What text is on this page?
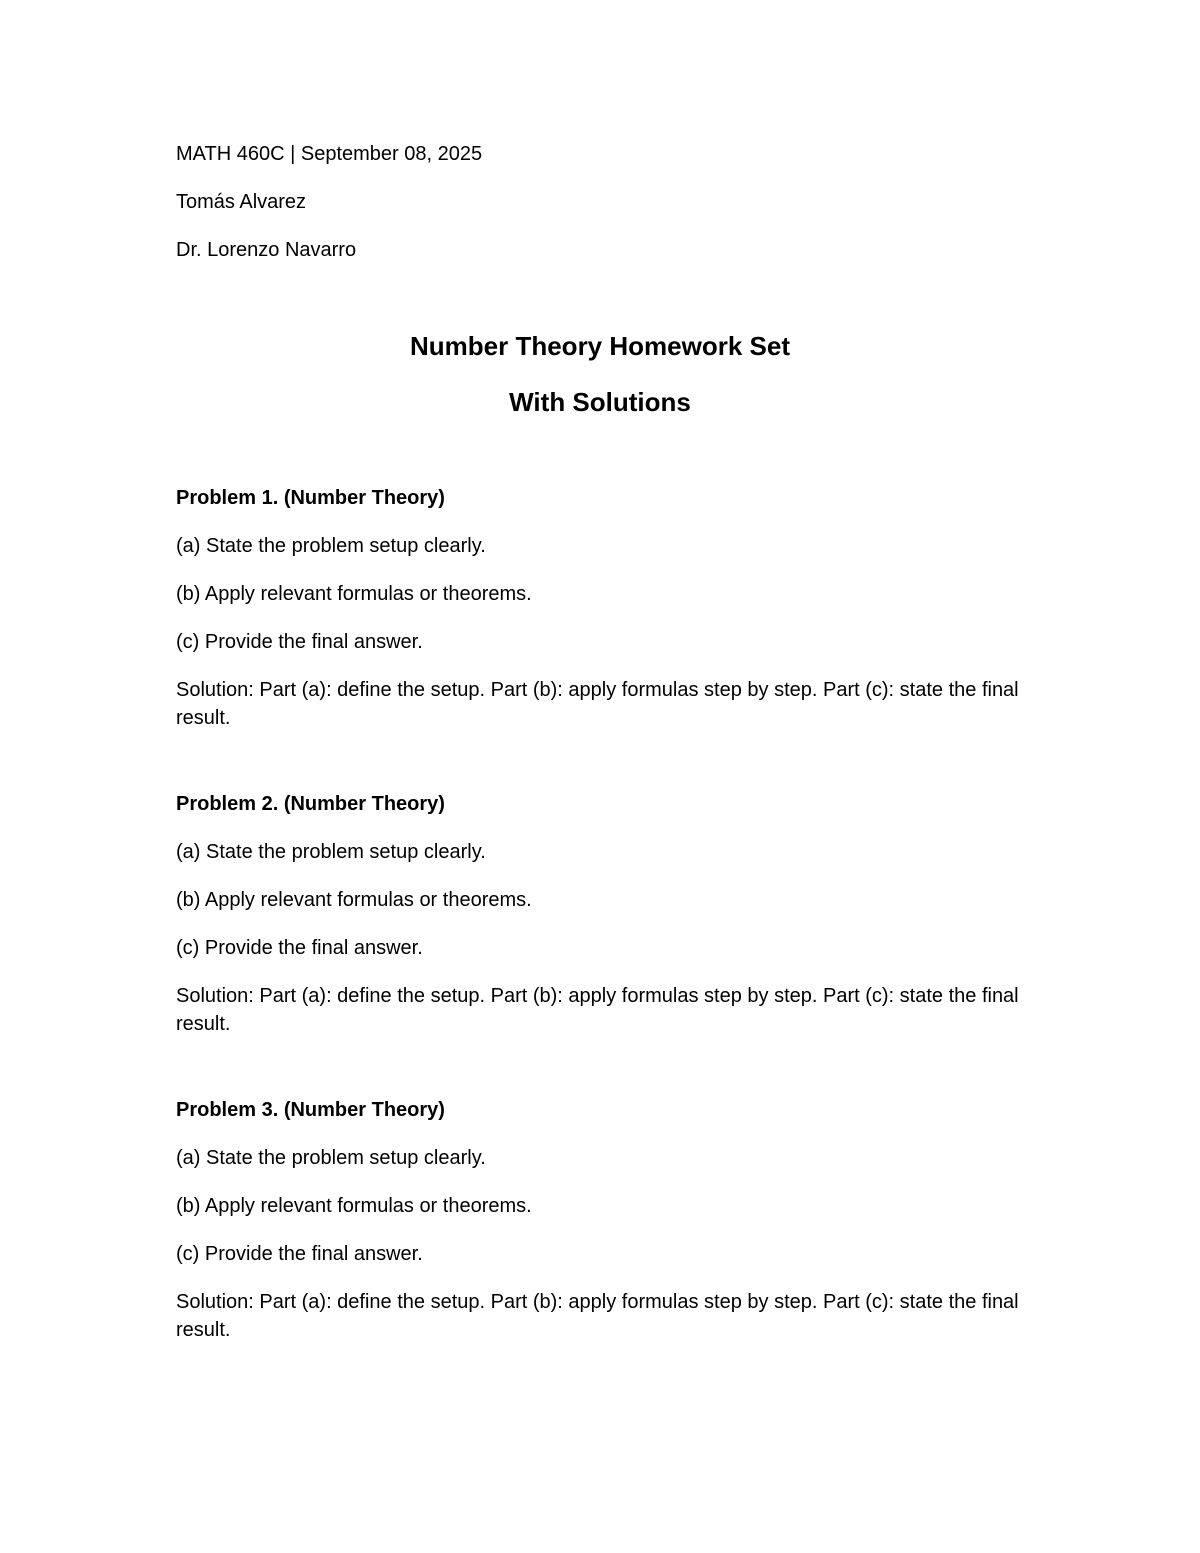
MATH 460C | September 08, 2025

Tomás Alvarez

Dr. Lorenzo Navarro

Number Theory Homework Set
With Solutions

Problem 1. (Number Theory)

(a) State the problem setup clearly.

(b) Apply relevant formulas or theorems.

(c) Provide the final answer.

Solution: Part (a): define the setup. Part (b): apply formulas step by step. Part (c): state the final result.

Problem 2. (Number Theory)

(a) State the problem setup clearly.

(b) Apply relevant formulas or theorems.

(c) Provide the final answer.

Solution: Part (a): define the setup. Part (b): apply formulas step by step. Part (c): state the final result.

Problem 3. (Number Theory)

(a) State the problem setup clearly.

(b) Apply relevant formulas or theorems.

(c) Provide the final answer.

Solution: Part (a): define the setup. Part (b): apply formulas step by step. Part (c): state the final result.
